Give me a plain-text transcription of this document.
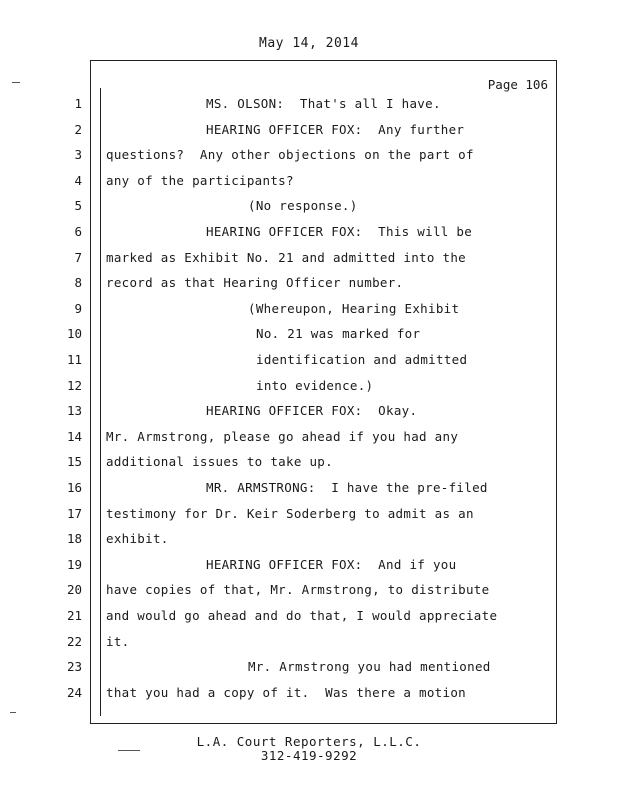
May 14, 2014
Page 106
1	MS. OLSON:  That's all I have.
2	HEARING OFFICER FOX:  Any further
3 questions?  Any other objections on the part of
4 any of the participants?
5	(No response.)
6	HEARING OFFICER FOX:  This will be
7 marked as Exhibit No. 21 and admitted into the
8 record as that Hearing Officer number.
9	(Whereupon, Hearing Exhibit
10	No. 21 was marked for
11	identification and admitted
12	into evidence.)
13	HEARING OFFICER FOX:  Okay.
14 Mr. Armstrong, please go ahead if you had any
15 additional issues to take up.
16	MR. ARMSTRONG:  I have the pre-filed
17 testimony for Dr. Keir Soderberg to admit as an
18 exhibit.
19	HEARING OFFICER FOX:  And if you
20 have copies of that, Mr. Armstrong, to distribute
21 and would go ahead and do that, I would appreciate
22 it.
23	Mr. Armstrong you had mentioned
24 that you had a copy of it.  Was there a motion
L.A. Court Reporters, L.L.C.
312-419-9292
